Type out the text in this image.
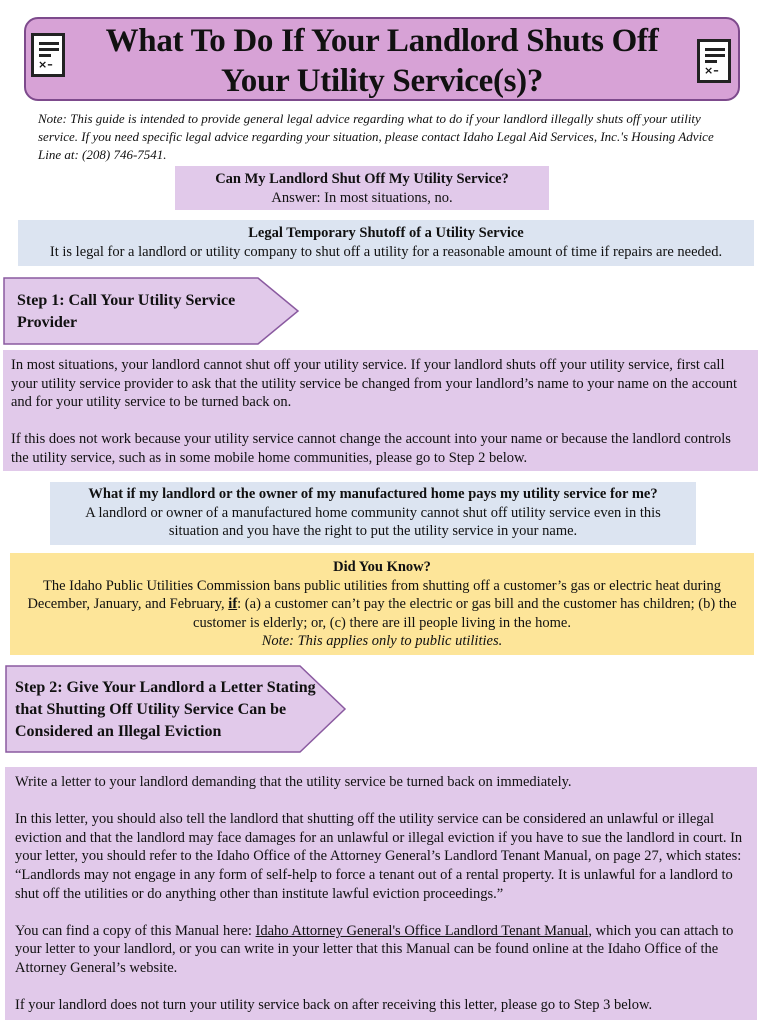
What To Do If Your Landlord Shuts Off
Your Utility Service(s)?
×–	×–
Note: This guide is intended to provide general legal advice regarding what to do if your landlord illegally shuts off your utility service. If you need specific legal advice regarding your situation, please contact Idaho Legal Aid Services, Inc.'s Housing Advice Line at: (208) 746-7541.
Can My Landlord Shut Off My Utility Service?
Answer: In most situations, no.
Legal Temporary Shutoff of a Utility Service
It is legal for a landlord or utility company to shut off a utility for a reasonable amount of time if repairs are needed.
Step 1: Call Your Utility Service Provider

In most situations, your landlord cannot shut off your utility service. If your landlord shuts off your utility service, first call your utility service provider to ask that the utility service be changed from your landlord’s name to your name on the account and for your utility service to be turned back on.

If this does not work because your utility service cannot change the account into your name or because the landlord controls the utility service, such as in some mobile home communities, please go to Step 2 below.

What if my landlord or the owner of my manufactured home pays my utility service for me?
A landlord or owner of a manufactured home community cannot shut off utility service even in this situation and you have the right to put the utility service in your name.
Did You Know?
The Idaho Public Utilities Commission bans public utilities from shutting off a customer’s gas or electric heat during December, January, and February, if: (a) a customer can’t pay the electric or gas bill and the customer has children; (b) the customer is elderly; or, (c) there are ill people living in the home.
Note: This applies only to public utilities.
Step 2: Give Your Landlord a Letter Stating that Shutting Off Utility Service Can be Considered an Illegal Eviction

Write a letter to your landlord demanding that the utility service be turned back on immediately.

In this letter, you should also tell the landlord that shutting off the utility service can be considered an unlawful or illegal eviction and that the landlord may face damages for an unlawful or illegal eviction if you have to sue the landlord in court. In your letter, you should refer to the Idaho Office of the Attorney General’s Landlord Tenant Manual, on page 27, which states: “Landlords may not engage in any form of self-help to force a tenant out of a rental property. It is unlawful for a landlord to shut off the utilities or do anything other than institute lawful eviction proceedings.”

You can find a copy of this Manual here: Idaho Attorney General's Office Landlord Tenant Manual, which you can attach to your letter to your landlord, or you can write in your letter that this Manual can be found online at the Idaho Office of the Attorney General’s website.

If your landlord does not turn your utility service back on after receiving this letter, please go to Step 3 below.
